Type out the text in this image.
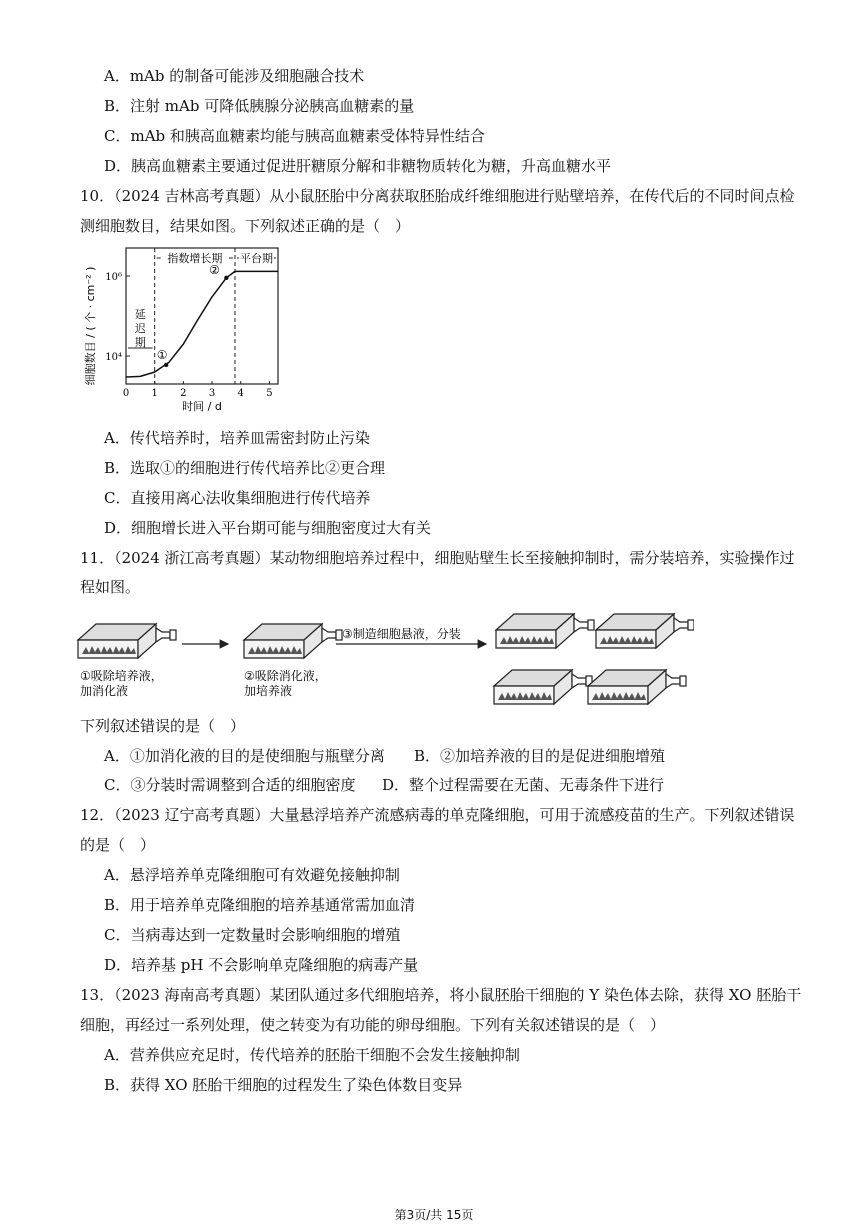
A．mAb 的制备可能涉及细胞融合技术
B．注射 mAb 可降低胰腺分泌胰高血糖素的量
C．mAb 和胰高血糖素均能与胰高血糖素受体特异性结合
D．胰高血糖素主要通过促进肝糖原分解和非糖物质转化为糖，升高血糖水平
10．（2024 吉林高考真题）从小鼠胚胎中分离获取胚胎成纤维细胞进行贴壁培养，在传代后的不同时间点检
测细胞数目，结果如图。下列叙述正确的是（　）
10⁶
10⁴
0 1 2 3 4 5
时间 / d
细胞数目 / ( 个 · cm⁻² )
指数增长期 平台期
延
迟
期
①
②
A．传代培养时，培养皿需密封防止污染
B．选取①的细胞进行传代培养比②更合理
C．直接用离心法收集细胞进行传代培养
D．细胞增长进入平台期可能与细胞密度过大有关
11．（2024 浙江高考真题）某动物细胞培养过程中，细胞贴壁生长至接触抑制时，需分装培养，实验操作过
程如图。
①吸除培养液，
加消化液
②吸除消化液，
加培养液
③制造细胞悬液，分装
下列叙述错误的是（　）
A．①加消化液的目的是使细胞与瓶壁分离 B．②加培养液的目的是促进细胞增殖
C．③分装时需调整到合适的细胞密度 D．整个过程需要在无菌、无毒条件下进行
12．（2023 辽宁高考真题）大量悬浮培养产流感病毒的单克隆细胞，可用于流感疫苗的生产。下列叙述错误
的是（　）
A．悬浮培养单克隆细胞可有效避免接触抑制
B．用于培养单克隆细胞的培养基通常需加血清
C．当病毒达到一定数量时会影响细胞的增殖
D．培养基 pH 不会影响单克隆细胞的病毒产量
13．（2023 海南高考真题）某团队通过多代细胞培养，将小鼠胚胎干细胞的 Y 染色体去除，获得 XO 胚胎干
细胞，再经过一系列处理，使之转变为有功能的卵母细胞。下列有关叙述错误的是（　）
A．营养供应充足时，传代培养的胚胎干细胞不会发生接触抑制
B．获得 XO 胚胎干细胞的过程发生了染色体数目变异
第3页/共 15页
